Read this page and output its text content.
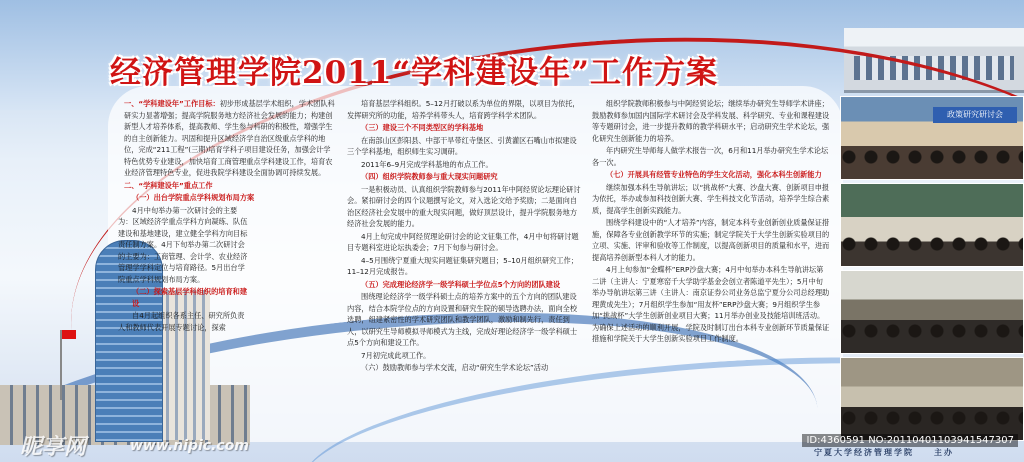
经济管理学院2011“学科建设年”工作方案

一、“学科建设年”工作目标：初步形成基层学术组织，学术团队科研实力显著增强；提高学院服务地方经济社会发展的能力；构建创新型人才培养体系，提高教师、学生参与科研的积极性，增强学生的自主创新能力。巩固和提升区域经济学自治区级重点学科的地位，完成“211工程”(三期)培育学科子项目建设任务，加强会计学特色优势专业建设，加快培育工商管理重点学科建设工作，培育农业经济管理特色专业，促进我院学科建设全面协调可持续发展。

二、“学科建设年”重点工作

（一）出台学院重点学科规划布局方案

4月中旬举办第一次研讨会的主要为：区域经济学重点学科方向凝练、队伍建设和基地建设，建立健全学科方向目标责任制方案。4月下旬举办第二次研讨会的主要为：工商管理、会计学、农业经济管理学学科定位与培育路径。5月出台学院重点学科规划布局方案。

（二）探索基层学科组织的培育和建设

自4月起组织各系主任、研究所负责人和教师代表开展专题讨论，探索

培育基层学科组织。5–12月打破以系为单位的界限，以项目为依托，发挥研究所的功能，培养学科带头人，培育跨学科学术团队。

（三）建设三个不同类型区的学科基地

在南部山区彭阳县、中部干旱带红寺堡区、引黄灌区石嘴山市拟建设三个学科基地，组织师生实习调研。

2011年6–9月完成学科基地的布点工作。

（四）组织学院教师参与重大现实问题研究

一是积极动员、认真组织学院教师参与2011年中阿经贸论坛理论研讨会。紧扣研讨会的四个议题撰写论文，对入选论文给予奖励；二是面向自治区经济社会发展中的重大现实问题，做好顶层设计，提升学院服务地方经济社会发展的能力。

4月上旬完成中阿经贸理论研讨会的论文征集工作，4月中旬将研讨题目专题科室进论坛执委会；7月下旬参与研讨会。

4–5月围绕宁夏重大现实问题征集研究题目；5–10月组织研究工作；11–12月完成报告。

（五）完成理论经济学一级学科硕士学位点5个方向的团队建设

围绕理论经济学一级学科硕士点的培养方案中的五个方向的团队建设内容，结合本院学位点的方向设置和研究生院的硕导选聘办法，面向全校选聘，组建紧密性的学术研究团队和教学团队，激励和制先行，责任到人，以研究生导师模拟寻师模式为主线，完成好理论经济学一级学科硕士点5个方向和建设工作。

7月初完成此项工作。

（六）鼓励教师参与学术交流，启动“研究生学术论坛”活动

组织学院教师积极参与中阿经贸论坛；继续举办研究生导师学术讲座；鼓励教师参加国内国际学术研讨会及学科发展、科学研究、专业和课程建设等专题研讨会，进一步提升教师的教学科研水平；启动研究生学术论坛，强化研究生创新能力的培养。

年内研究生导师每人做学术报告一次，6月和11月举办研究生学术论坛各一次。

（七）开展具有经管专业特色的学生文化活动，强化本科生创新能力

继续加强本科生导航讲坛；以“挑战杯”大赛、沙盘大赛、创新项目申报为依托，举办或参加科技创新大赛、学生科技文化节活动，培养学生综合素质，提高学生创新实践能力。

围绕学科建设中的“人才培养”内容，制定本科专业创新创业质量保证措施，保障各专业创新教学环节的实施；制定学院关于大学生创新实验项目的立项、实施、评审和验收等工作制度，以提高创新项目的质量和水平，进而提高培养创新型本科人才的能力。

4月上旬参加“金蝶杯”ERP沙盘大赛；4月中旬举办本科生导航讲坛第二讲（主讲人：宁夏寒窑千大学助学基金会创立者陈道平先生）；5月中旬举办导航讲坛第三讲（主讲人：南京证券公司业务总监宁夏分公司总经理助理黄成先生）；7月组织学生参加“用友杯”ERP沙盘大赛；9月组织学生参加“挑战杯”大学生创新创业项目大赛；11月举办创业及技能培训班活动。为确保上述活动的顺利开展，学院及时制订出台本科专业创新环节质量保证措施和学院关于大学生创新实验项目工作制度。

政策研究研讨会
昵享网	www.nipic.com	宁夏大学经济管理学院　　主办
ID:4360591 NO:20110401103941547307
